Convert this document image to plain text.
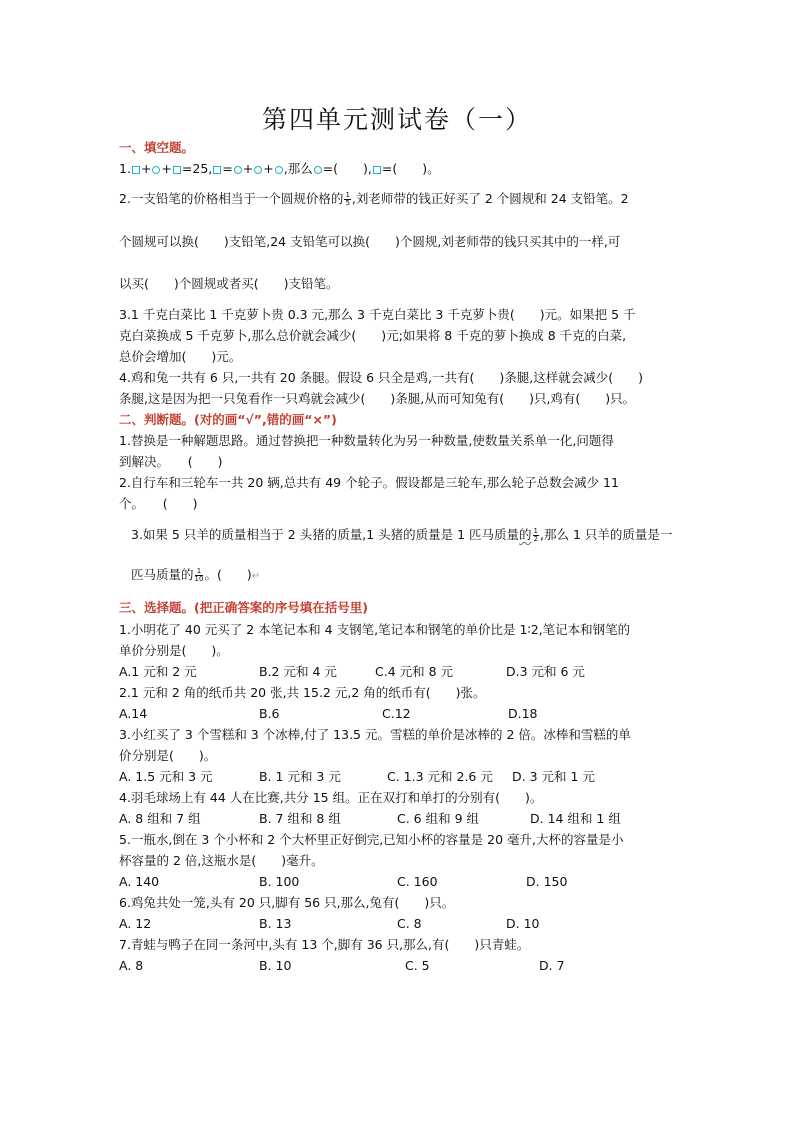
第四单元测试卷（一）
一、填空题。
1. + + =25, = + + ,那么 =(　　), =(　　)。
2.一支铅笔的价格相当于一个圆规价格的 $\frac{1}{5}$ ,刘老师带的钱正好买了 2 个圆规和 24 支铅笔。2
个圆规可以换(　　)支铅笔,24 支铅笔可以换(　　)个圆规,刘老师带的钱只买其中的一样,可
以买(　　)个圆规或者买(　　)支铅笔。
3.1 千克白菜比 1 千克萝卜贵 0.3 元,那么 3 千克白菜比 3 千克萝卜贵(　　)元。如果把 5 千
克白菜换成 5 千克萝卜,那么总价就会减少(　　)元;如果将 8 千克的萝卜换成 8 千克的白菜,
总价会增加(　　)元。
4.鸡和兔一共有 6 只,一共有 20 条腿。假设 6 只全是鸡,一共有(　　)条腿,这样就会减少(　　)
条腿,这是因为把一只兔看作一只鸡就会减少(　　)条腿,从而可知兔有(　　)只,鸡有(　　)只。
二、判断题。(对的画“√”,错的画“×”)
1.替换是一种解题思路。通过替换把一种数量转化为另一种数量,使数量关系单一化,问题得
到解决。　　(　　)
2.自行车和三轮车一共 20 辆,总共有 49 个轮子。假设都是三轮车,那么轮子总数会减少 11
个。　　(　　)
3.如果 5 只羊的质量相当于 2 头猪的质量,1 头猪的质量是 1 匹马质量的 $\frac{1}{2}$ ,那么 1 只羊的质量是一
匹马质量的 $\frac{1}{10}$ 。(　　)↵
三、选择题。(把正确答案的序号填在括号里)
1.小明花了 40 元买了 2 本笔记本和 4 支钢笔,笔记本和钢笔的单价比是 1∶2,笔记本和钢笔的
单价分别是(　　)。
A.1 元和 2 元	B.2 元和 4 元	C.4 元和 8 元	D.3 元和 6 元
2.1 元和 2 角的纸币共 20 张,共 15.2 元,2 角的纸币有(　　)张。
A.14	B.6	C.12	D.18
3.小红买了 3 个雪糕和 3 个冰棒,付了 13.5 元。雪糕的单价是冰棒的 2 倍。冰棒和雪糕的单
价分别是(　　)。
A. 1.5 元和 3 元	B. 1 元和 3 元	C. 1.3 元和 2.6 元 D. 3 元和 1 元
4.羽毛球场上有 44 人在比赛,共分 15 组。正在双打和单打的分别有(　　)。
A. 8 组和 7 组	B. 7 组和 8 组	C. 6 组和 9 组	D. 14 组和 1 组
5.一瓶水,倒在 3 个小杯和 2 个大杯里正好倒完,已知小杯的容量是 20 毫升,大杯的容量是小
杯容量的 2 倍,这瓶水是(　　)毫升。
A. 140	B. 100	C. 160	D. 150
6.鸡兔共处一笼,头有 20 只,脚有 56 只,那么,兔有(　　)只。
A. 12	B. 13	C. 8	D. 10
7.青蛙与鸭子在同一条河中,头有 13 个,脚有 36 只,那么,有(　　)只青蛙。
A. 8	B. 10	C. 5	D. 7
